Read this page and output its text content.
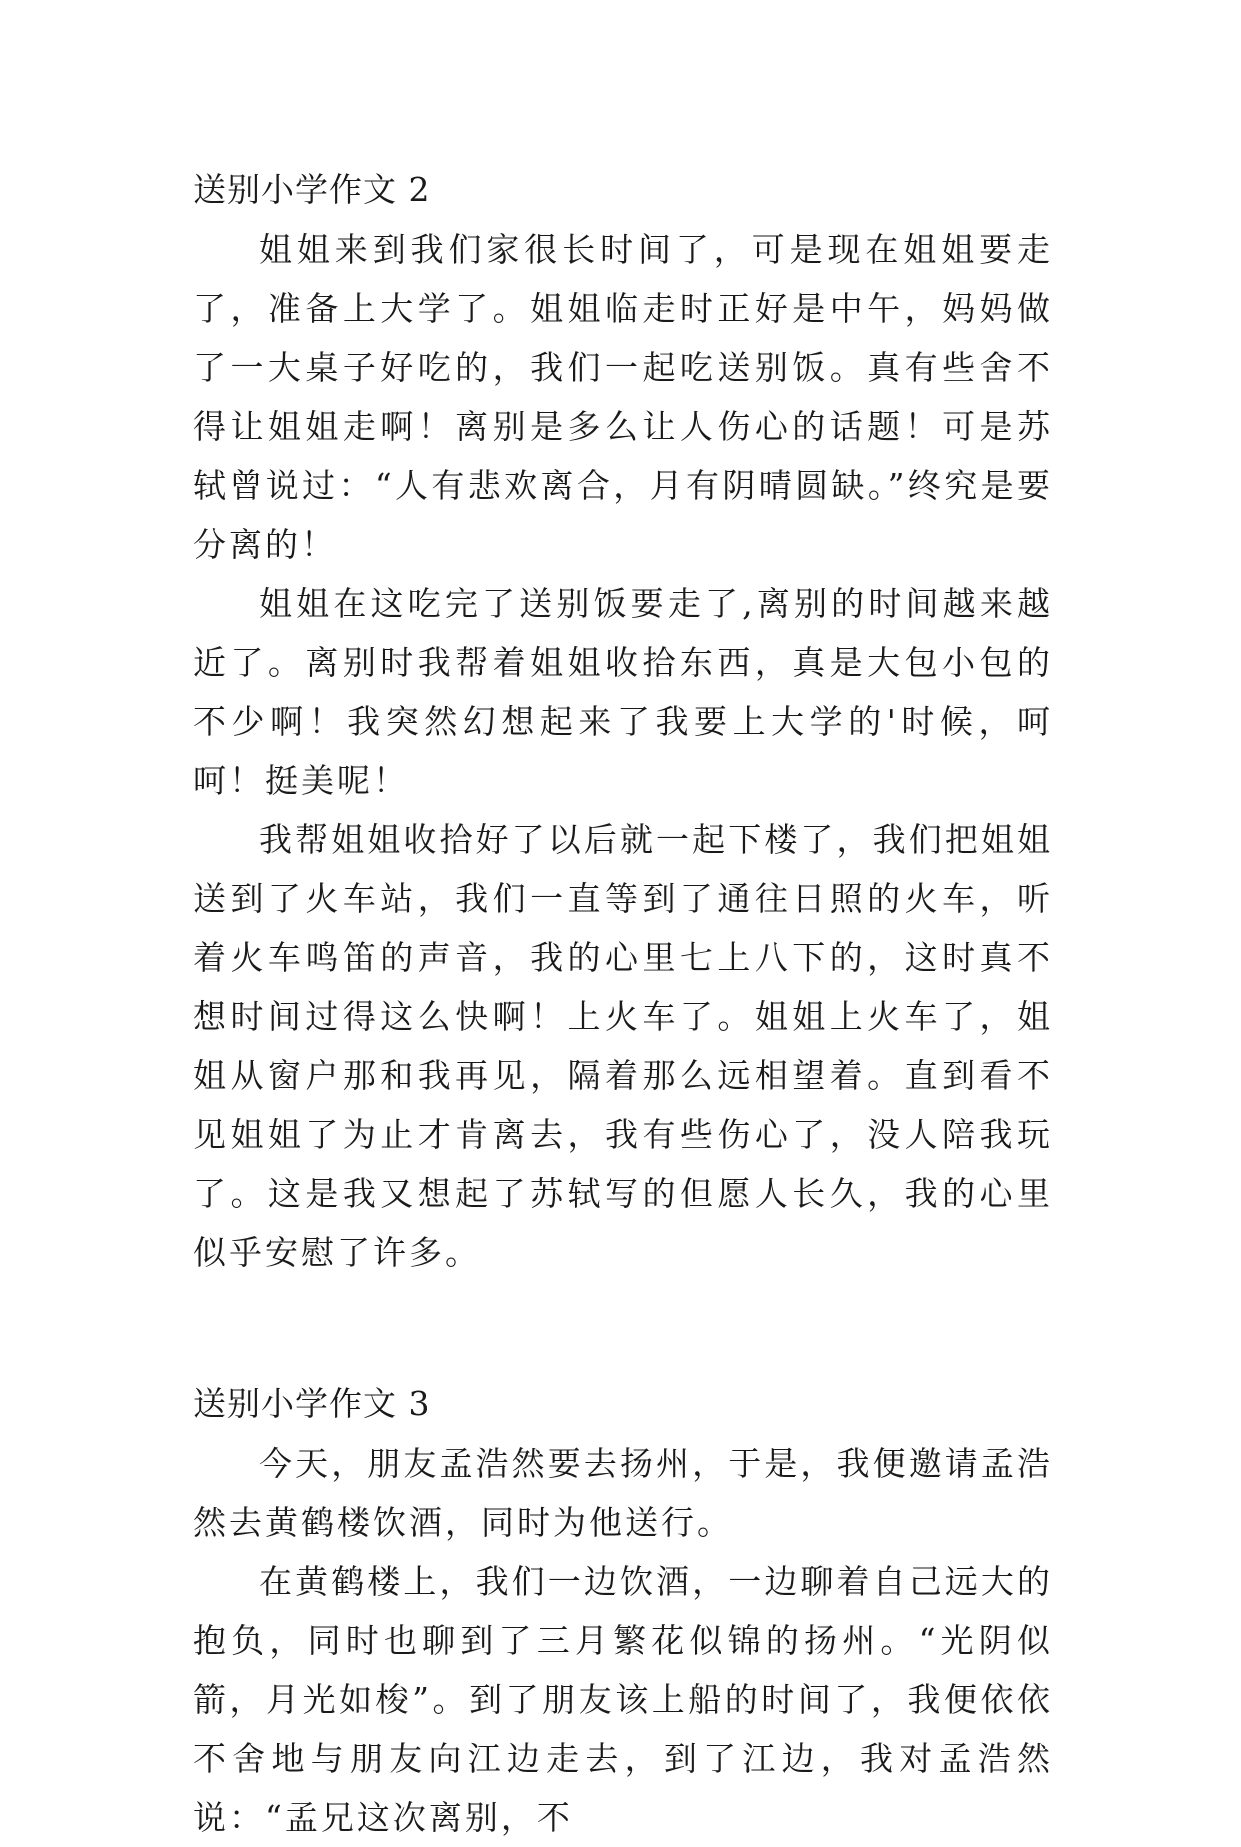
送别小学作文 2

姐姐来到我们家很长时间了，可是现在姐姐要走了，准备上大学了。姐姐临走时正好是中午，妈妈做了一大桌子好吃的，我们一起吃送别饭。真有些舍不得让姐姐走啊！离别是多么让人伤心的话题！可是苏轼曾说过：“人有悲欢离合，月有阴晴圆缺。”终究是要分离的！

姐姐在这吃完了送别饭要走了,离别的时间越来越近了。离别时我帮着姐姐收拾东西，真是大包小包的不少啊！我突然幻想起来了我要上大学的'时候，呵呵！挺美呢！

我帮姐姐收拾好了以后就一起下楼了，我们把姐姐送到了火车站，我们一直等到了通往日照的火车，听着火车鸣笛的声音，我的心里七上八下的，这时真不想时间过得这么快啊！上火车了。姐姐上火车了，姐姐从窗户那和我再见，隔着那么远相望着。直到看不见姐姐了为止才肯离去，我有些伤心了，没人陪我玩了。这是我又想起了苏轼写的但愿人长久，我的心里似乎安慰了许多。

送别小学作文 3

今天，朋友孟浩然要去扬州，于是，我便邀请孟浩然去黄鹤楼饮酒，同时为他送行。

在黄鹤楼上，我们一边饮酒，一边聊着自己远大的抱负，同时也聊到了三月繁花似锦的扬州。“光阴似箭，月光如梭”。到了朋友该上船的时间了，我便依依不舍地与朋友向江边走去，到了江边，我对孟浩然说：“孟兄这次离别，不
